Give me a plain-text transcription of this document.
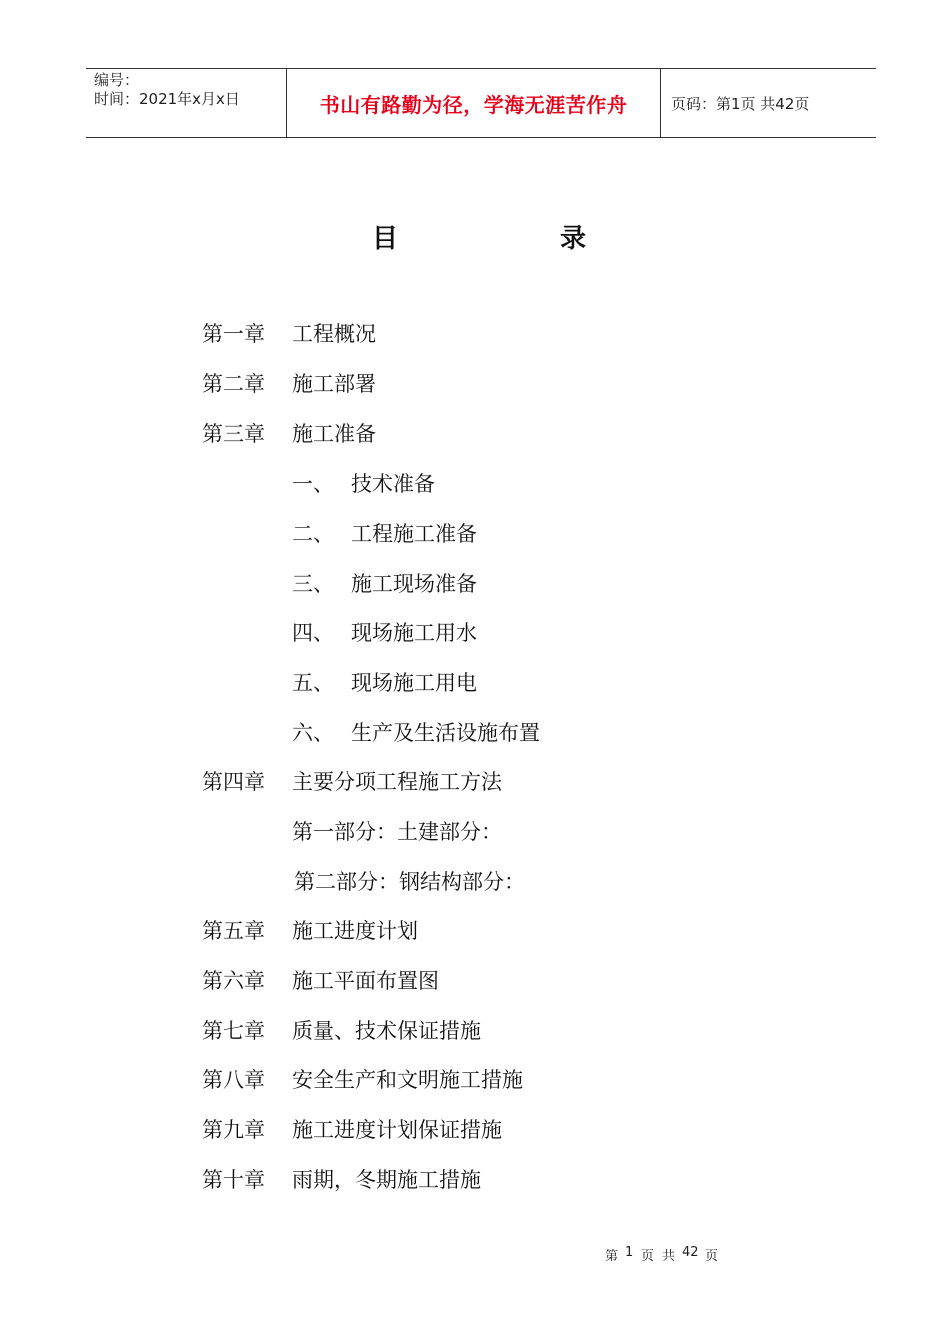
编号：
时间：2021年x月x日	书山有路勤为径，学海无涯苦作舟	页码：第1页 共42页
目	录
第一章 工程概况
第二章 施工部署
第三章 施工准备
一、 技术准备
二、 工程施工准备
三、 施工现场准备
四、 现场施工用水
五、 现场施工用电
六、 生产及生活设施布置
第四章 主要分项工程施工方法
第一部分：土建部分：
第二部分：钢结构部分：
第五章 施工进度计划
第六章 施工平面布置图
第七章 质量、技术保证措施
第八章 安全生产和文明施工措施
第九章 施工进度计划保证措施
第十章 雨期，冬期施工措施
第 1 页 共 42 页
